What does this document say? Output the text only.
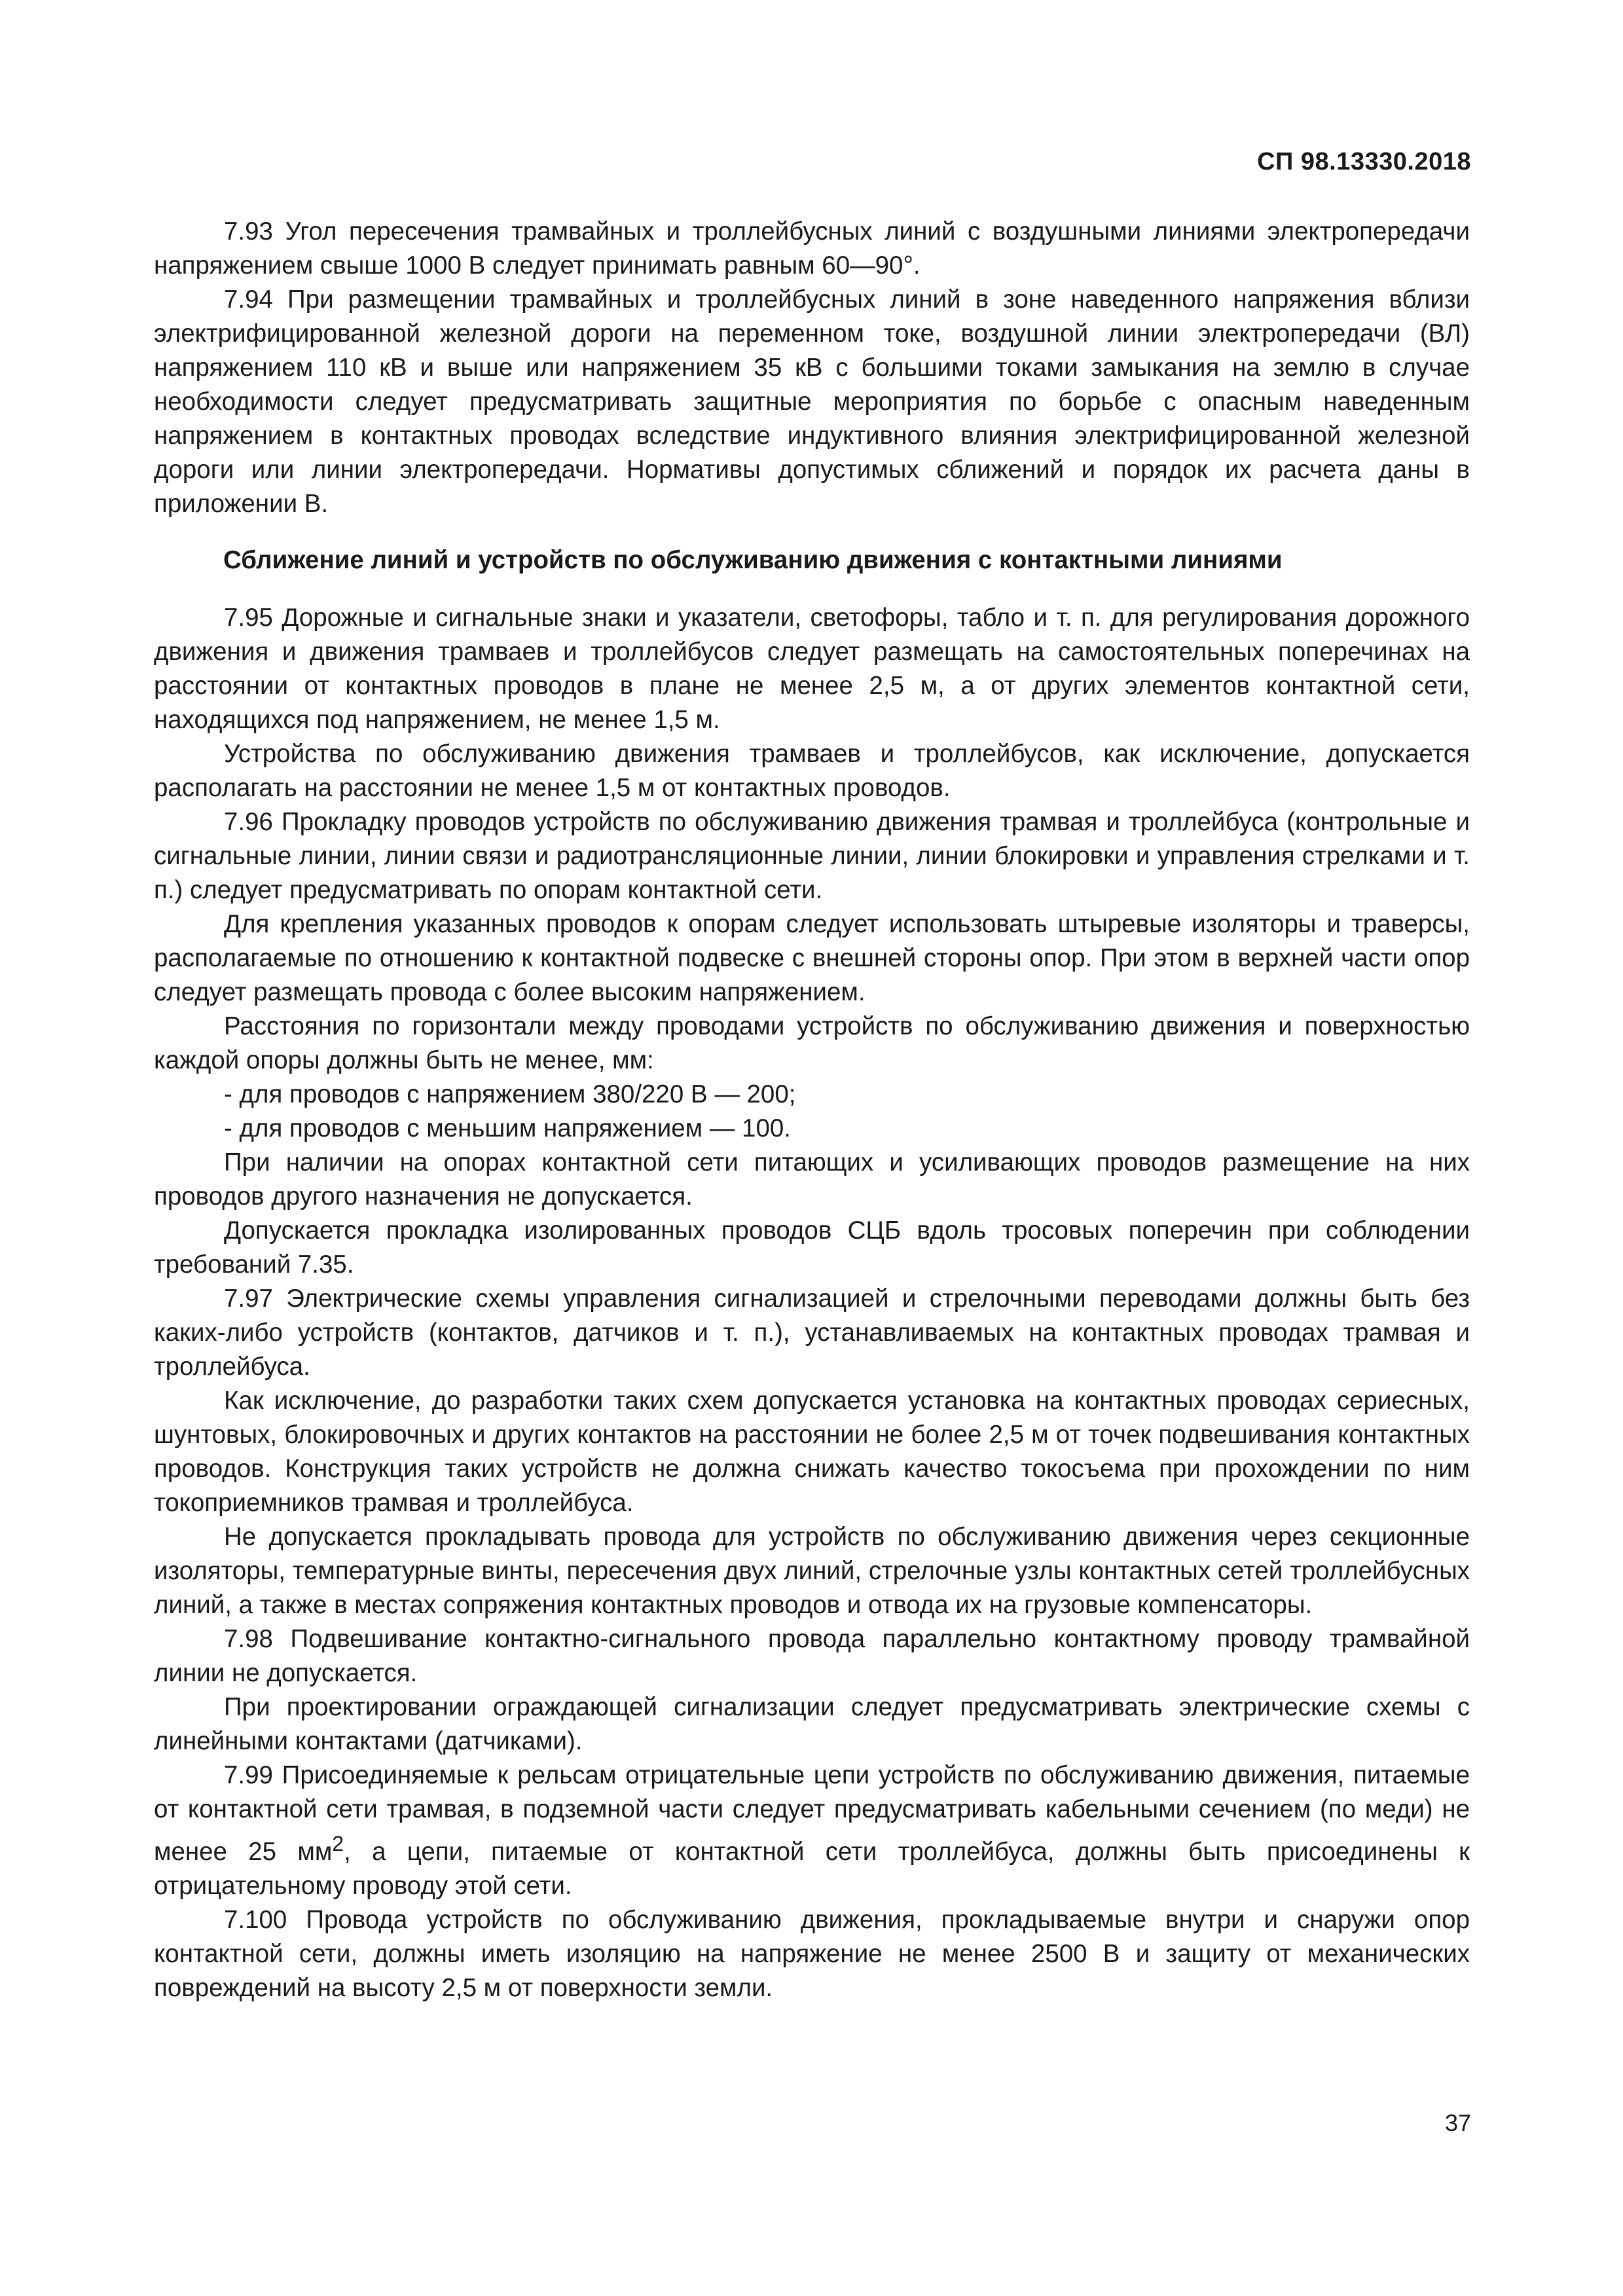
СП 98.13330.2018

7.93 Угол пересечения трамвайных и троллейбусных линий с воздушными линиями электропередачи напряжением свыше 1000 В следует принимать равным 60—90°.

7.94 При размещении трамвайных и троллейбусных линий в зоне наведенного напряжения вблизи электрифицированной железной дороги на переменном токе, воздушной линии электропередачи (ВЛ) напряжением 110 кВ и выше или напряжением 35 кВ с большими токами замыкания на землю в случае необходимости следует предусматривать защитные мероприятия по борьбе с опасным наведенным напряжением в контактных проводах вследствие индуктивного влияния электрифицированной железной дороги или линии электропередачи. Нормативы допустимых сближений и порядок их расчета даны в приложении В.

Сближение линий и устройств по обслуживанию движения с контактными линиями

7.95 Дорожные и сигнальные знаки и указатели, светофоры, табло и т. п. для регулирования дорожного движения и движения трамваев и троллейбусов следует размещать на самостоятельных поперечинах на расстоянии от контактных проводов в плане не менее 2,5 м, а от других элементов контактной сети, находящихся под напряжением, не менее 1,5 м.

Устройства по обслуживанию движения трамваев и троллейбусов, как исключение, допускается располагать на расстоянии не менее 1,5 м от контактных проводов.

7.96 Прокладку проводов устройств по обслуживанию движения трамвая и троллейбуса (контрольные и сигнальные линии, линии связи и радиотрансляционные линии, линии блокировки и управления стрелками и т. п.) следует предусматривать по опорам контактной сети.

Для крепления указанных проводов к опорам следует использовать штыревые изоляторы и траверсы, располагаемые по отношению к контактной подвеске с внешней стороны опор. При этом в верхней части опор следует размещать провода с более высоким напряжением.

Расстояния по горизонтали между проводами устройств по обслуживанию движения и поверхностью каждой опоры должны быть не менее, мм:

- для проводов с напряжением 380/220 В — 200;
- для проводов с меньшим напряжением — 100.

При наличии на опорах контактной сети питающих и усиливающих проводов размещение на них проводов другого назначения не допускается.

Допускается прокладка изолированных проводов СЦБ вдоль тросовых поперечин при соблюдении требований 7.35.

7.97 Электрические схемы управления сигнализацией и стрелочными переводами должны быть без каких-либо устройств (контактов, датчиков и т. п.), устанавливаемых на контактных проводах трамвая и троллейбуса.

Как исключение, до разработки таких схем допускается установка на контактных проводах сериесных, шунтовых, блокировочных и других контактов на расстоянии не более 2,5 м от точек подвешивания контактных проводов. Конструкция таких устройств не должна снижать качество токосъема при прохождении по ним токоприемников трамвая и троллейбуса.

Не допускается прокладывать провода для устройств по обслуживанию движения через секционные изоляторы, температурные винты, пересечения двух линий, стрелочные узлы контактных сетей троллейбусных линий, а также в местах сопряжения контактных проводов и отвода их на грузовые компенсаторы.

7.98 Подвешивание контактно-сигнального провода параллельно контактному проводу трамвайной линии не допускается.

При проектировании ограждающей сигнализации следует предусматривать электрические схемы с линейными контактами (датчиками).

7.99 Присоединяемые к рельсам отрицательные цепи устройств по обслуживанию движения, питаемые от контактной сети трамвая, в подземной части следует предусматривать кабельными сечением (по меди) не менее 25 $мм^2$, а цепи, питаемые от контактной сети троллейбуса, должны быть присоединены к отрицательному проводу этой сети.

7.100 Провода устройств по обслуживанию движения, прокладываемые внутри и снаружи опор контактной сети, должны иметь изоляцию на напряжение не менее 2500 В и защиту от механических повреждений на высоту 2,5 м от поверхности земли.

37
